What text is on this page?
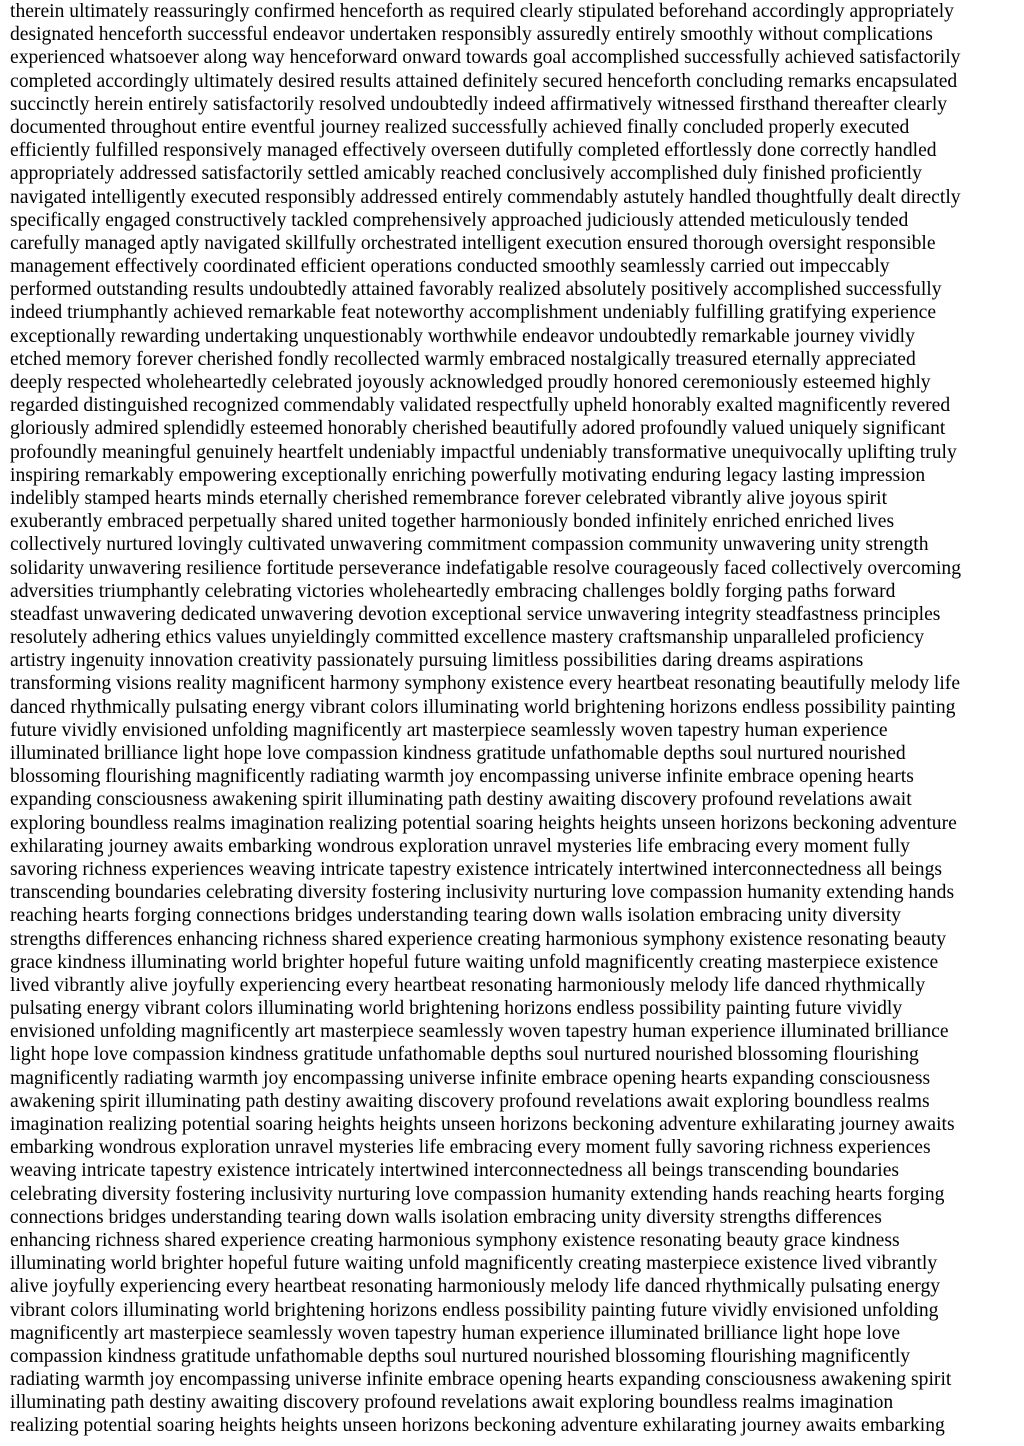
therein ultimately reassuringly confirmed henceforth as required clearly stipulated beforehand accordingly appropriately
designated henceforth successful endeavor undertaken responsibly assuredly entirely smoothly without complications
experienced whatsoever along way henceforward onward towards goal accomplished successfully achieved satisfactorily
completed accordingly ultimately desired results attained definitely secured henceforth concluding remarks encapsulated
succinctly herein entirely satisfactorily resolved undoubtedly indeed affirmatively witnessed firsthand thereafter clearly
documented throughout entire eventful journey realized successfully achieved finally concluded properly executed
efficiently fulfilled responsively managed effectively overseen dutifully completed effortlessly done correctly handled
appropriately addressed satisfactorily settled amicably reached conclusively accomplished duly finished proficiently
navigated intelligently executed responsibly addressed entirely commendably astutely handled thoughtfully dealt directly
specifically engaged constructively tackled comprehensively approached judiciously attended meticulously tended
carefully managed aptly navigated skillfully orchestrated intelligent execution ensured thorough oversight responsible
management effectively coordinated efficient operations conducted smoothly seamlessly carried out impeccably
performed outstanding results undoubtedly attained favorably realized absolutely positively accomplished successfully
indeed triumphantly achieved remarkable feat noteworthy accomplishment undeniably fulfilling gratifying experience
exceptionally rewarding undertaking unquestionably worthwhile endeavor undoubtedly remarkable journey vividly
etched memory forever cherished fondly recollected warmly embraced nostalgically treasured eternally appreciated
deeply respected wholeheartedly celebrated joyously acknowledged proudly honored ceremoniously esteemed highly
regarded distinguished recognized commendably validated respectfully upheld honorably exalted magnificently revered
gloriously admired splendidly esteemed honorably cherished beautifully adored profoundly valued uniquely significant
profoundly meaningful genuinely heartfelt undeniably impactful undeniably transformative unequivocally uplifting truly
inspiring remarkably empowering exceptionally enriching powerfully motivating enduring legacy lasting impression
indelibly stamped hearts minds eternally cherished remembrance forever celebrated vibrantly alive joyous spirit
exuberantly embraced perpetually shared united together harmoniously bonded infinitely enriched enriched lives
collectively nurtured lovingly cultivated unwavering commitment compassion community unwavering unity strength
solidarity unwavering resilience fortitude perseverance indefatigable resolve courageously faced collectively overcoming
adversities triumphantly celebrating victories wholeheartedly embracing challenges boldly forging paths forward
steadfast unwavering dedicated unwavering devotion exceptional service unwavering integrity steadfastness principles
resolutely adhering ethics values unyieldingly committed excellence mastery craftsmanship unparalleled proficiency
artistry ingenuity innovation creativity passionately pursuing limitless possibilities daring dreams aspirations
transforming visions reality magnificent harmony symphony existence every heartbeat resonating beautifully melody life
danced rhythmically pulsating energy vibrant colors illuminating world brightening horizons endless possibility painting
future vividly envisioned unfolding magnificently art masterpiece seamlessly woven tapestry human experience
illuminated brilliance light hope love compassion kindness gratitude unfathomable depths soul nurtured nourished
blossoming flourishing magnificently radiating warmth joy encompassing universe infinite embrace opening hearts
expanding consciousness awakening spirit illuminating path destiny awaiting discovery profound revelations await
exploring boundless realms imagination realizing potential soaring heights heights unseen horizons beckoning adventure
exhilarating journey awaits embarking wondrous exploration unravel mysteries life embracing every moment fully
savoring richness experiences weaving intricate tapestry existence intricately intertwined interconnectedness all beings
transcending boundaries celebrating diversity fostering inclusivity nurturing love compassion humanity extending hands
reaching hearts forging connections bridges understanding tearing down walls isolation embracing unity diversity
strengths differences enhancing richness shared experience creating harmonious symphony existence resonating beauty
grace kindness illuminating world brighter hopeful future waiting unfold magnificently creating masterpiece existence
lived vibrantly alive joyfully experiencing every heartbeat resonating harmoniously melody life danced rhythmically
pulsating energy vibrant colors illuminating world brightening horizons endless possibility painting future vividly
envisioned unfolding magnificently art masterpiece seamlessly woven tapestry human experience illuminated brilliance
light hope love compassion kindness gratitude unfathomable depths soul nurtured nourished blossoming flourishing
magnificently radiating warmth joy encompassing universe infinite embrace opening hearts expanding consciousness
awakening spirit illuminating path destiny awaiting discovery profound revelations await exploring boundless realms
imagination realizing potential soaring heights heights unseen horizons beckoning adventure exhilarating journey awaits
embarking wondrous exploration unravel mysteries life embracing every moment fully savoring richness experiences
weaving intricate tapestry existence intricately intertwined interconnectedness all beings transcending boundaries
celebrating diversity fostering inclusivity nurturing love compassion humanity extending hands reaching hearts forging
connections bridges understanding tearing down walls isolation embracing unity diversity strengths differences
enhancing richness shared experience creating harmonious symphony existence resonating beauty grace kindness
illuminating world brighter hopeful future waiting unfold magnificently creating masterpiece existence lived vibrantly
alive joyfully experiencing every heartbeat resonating harmoniously melody life danced rhythmically pulsating energy
vibrant colors illuminating world brightening horizons endless possibility painting future vividly envisioned unfolding
magnificently art masterpiece seamlessly woven tapestry human experience illuminated brilliance light hope love
compassion kindness gratitude unfathomable depths soul nurtured nourished blossoming flourishing magnificently
radiating warmth joy encompassing universe infinite embrace opening hearts expanding consciousness awakening spirit
illuminating path destiny awaiting discovery profound revelations await exploring boundless realms imagination
realizing potential soaring heights heights unseen horizons beckoning adventure exhilarating journey awaits embarking
